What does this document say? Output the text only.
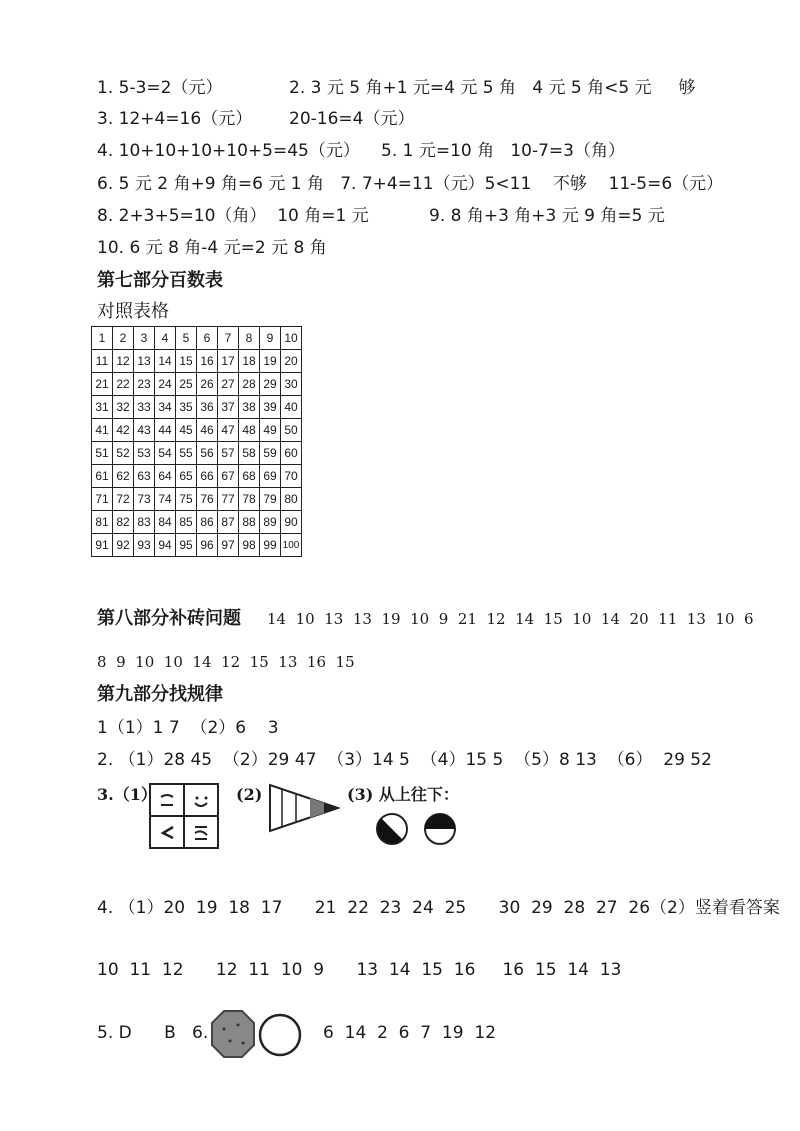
1. 5-3=2（元）	2. 3 元 5 角+1 元=4 元 5 角   4 元 5 角<5 元     够
3. 12+4=16（元） 20-16=4（元）
4. 10+10+10+10+5=45（元） 5. 1 元=10 角   10-7=3（角）
6. 5 元 2 角+9 角=6 元 1 角   7. 7+4=11（元）5<11    不够    11-5=6（元）
8. 2+3+5=10（角）  10 角=1 元	9. 8 角+3 角+3 元 9 角=5 元
10. 6 元 8 角-4 元=2 元 8 角
第七部分百数表
对照表格
1	2	3	4	5	6	7	8	9	10
11	12	13	14	15	16	17	18	19	20
21	22	23	24	25	26	27	28	29	30
31	32	33	34	35	36	37	38	39	40
41	42	43	44	45	46	47	48	49	50
51	52	53	54	55	56	57	58	59	60
61	62	63	64	65	66	67	68	69	70
71	72	73	74	75	76	77	78	79	80
81	82	83	84	85	86	87	88	89	90
91	92	93	94	95	96	97	98	99	100
第八部分补砖问题 14  10  13  13  19  10  9  21  12  14  15  10  14  20  11  13  10  6
8  9  10  10  14  12  15  13  16  15
第九部分找规律
1（1）1 7  （2）6    3
2. （1）28 45  （2）29 47  （3）14 5  （4）15 5  （5）8 13  （6）  29 52
3.（1）	(2)	(3) 从上往下：
4. （1）20  19  18  17      21  22  23  24  25      30  29  28  27  26（2）竖着看答案
10  11  12      12  11  10  9      13  14  15  16     16  15  14  13
5. D      B   6.	6  14  2  6  7  19  12
